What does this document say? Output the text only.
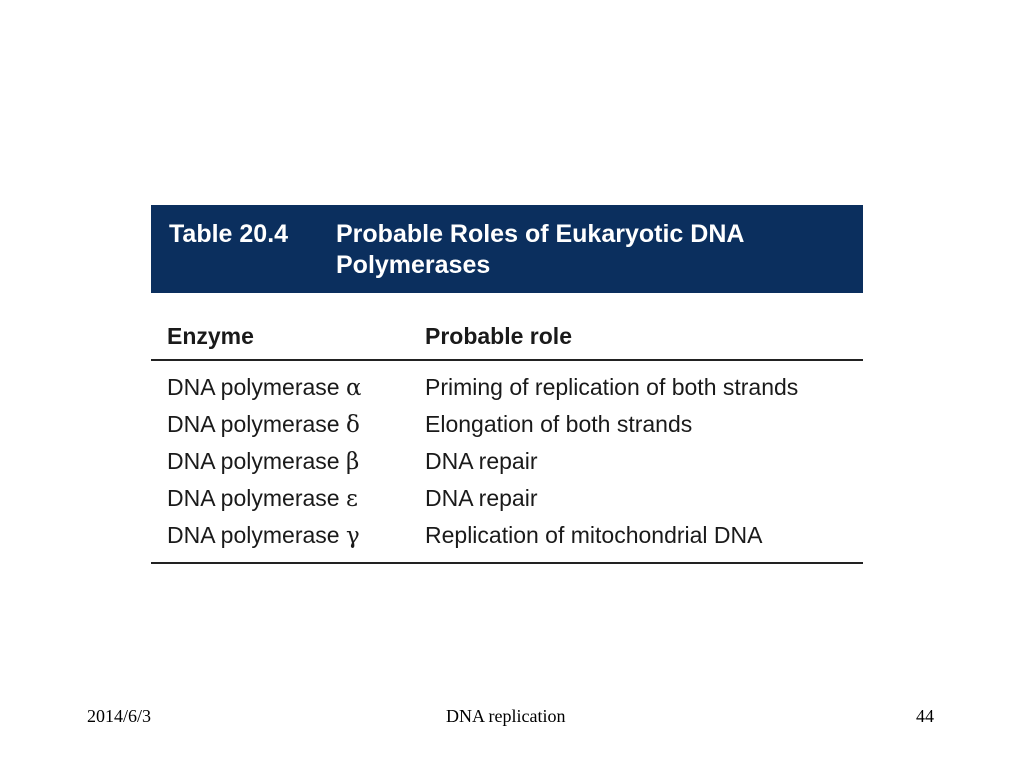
Table 20.4	Probable Roles of Eukaryotic DNA Polymerases
Enzyme	Probable role
DNA polymerase α	Priming of replication of both strands
DNA polymerase δ	Elongation of both strands
DNA polymerase β	DNA repair
DNA polymerase ε	DNA repair
DNA polymerase γ	Replication of mitochondrial DNA
2014/6/3	DNA replication	44
